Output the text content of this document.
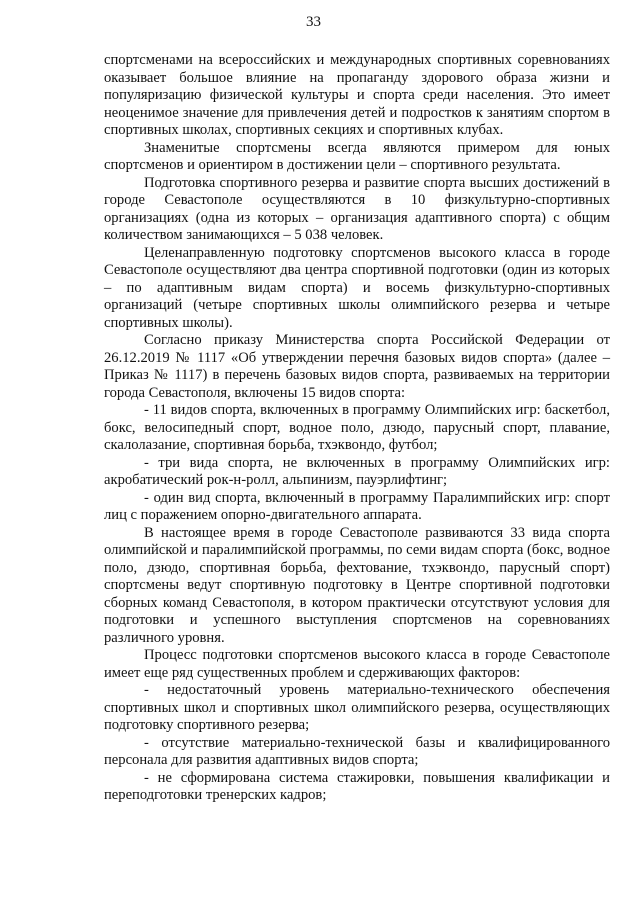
33

спортсменами на всероссийских и международных спортивных соревнованиях оказывает большое влияние на пропаганду здорового образа жизни и популяризацию физической культуры и спорта среди населения. Это имеет неоценимое значение для привлечения детей и подростков к занятиям спортом в спортивных школах, спортивных секциях и спортивных клубах.

Знаменитые спортсмены всегда являются примером для юных спортсменов и ориентиром в достижении цели – спортивного результата.

Подготовка спортивного резерва и развитие спорта высших достижений в городе Севастополе осуществляются в 10 физкультурно-спортивных организациях (одна из которых – организация адаптивного спорта) с общим количеством занимающихся – 5 038 человек.

Целенаправленную подготовку спортсменов высокого класса в городе Севастополе осуществляют два центра спортивной подготовки (один из которых – по адаптивным видам спорта) и восемь физкультурно-спортивных организаций (четыре спортивных школы олимпийского резерва и четыре спортивных школы).

Согласно приказу Министерства спорта Российской Федерации от 26.12.2019 № 1117 «Об утверждении перечня базовых видов спорта» (далее – Приказ № 1117) в перечень базовых видов спорта, развиваемых на территории города Севастополя, включены 15 видов спорта:

- 11 видов спорта, включенных в программу Олимпийских игр: баскетбол, бокс, велосипедный спорт, водное поло, дзюдо, парусный спорт, плавание, скалолазание, спортивная борьба, тхэквондо, футбол;

- три вида спорта, не включенных в программу Олимпийских игр: акробатический рок-н-ролл, альпинизм, пауэрлифтинг;

- один вид спорта, включенный в программу Паралимпийских игр: спорт лиц с поражением опорно-двигательного аппарата.

В настоящее время в городе Севастополе развиваются 33 вида спорта олимпийской и паралимпийской программы, по семи видам спорта (бокс, водное поло, дзюдо, спортивная борьба, фехтование, тхэквондо, парусный спорт) спортсмены ведут спортивную подготовку в Центре спортивной подготовки сборных команд Севастополя, в котором практически отсутствуют условия для подготовки и успешного выступления спортсменов на соревнованиях различного уровня.

Процесс подготовки спортсменов высокого класса в городе Севастополе имеет еще ряд существенных проблем и сдерживающих факторов:

- недостаточный уровень материально-технического обеспечения спортивных школ и спортивных школ олимпийского резерва, осуществляющих подготовку спортивного резерва;

- отсутствие материально-технической базы и квалифицированного персонала для развития адаптивных видов спорта;

- не сформирована система стажировки, повышения квалификации и переподготовки тренерских кадров;
